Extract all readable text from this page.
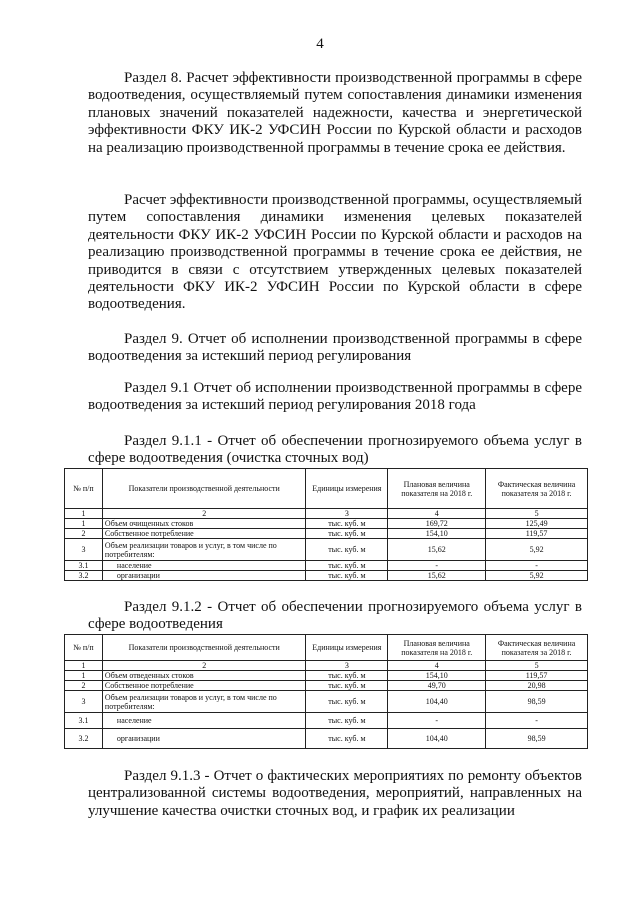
4

Раздел 8. Расчет эффективности производственной программы в сфере водоотведения, осуществляемый путем сопоставления динамики изменения плановых значений показателей надежности, качества и энергетической эффективности ФКУ ИК-2 УФСИН России по Курской области и расходов на реализацию производственной программы в течение срока ее действия.

Расчет эффективности производственной программы, осуществляемый путем сопоставления динамики изменения целевых показателей деятельности ФКУ ИК-2 УФСИН России по Курской области и расходов на реализацию производственной программы в течение срока ее действия, не приводится в связи с отсутствием утвержденных целевых показателей деятельности ФКУ ИК-2 УФСИН России по Курской области в сфере водоотведения.

Раздел 9. Отчет об исполнении производственной программы в сфере водоотведения за истекший период регулирования

Раздел 9.1 Отчет об исполнении производственной программы в сфере водоотведения за истекший период регулирования 2018 года

Раздел 9.1.1 - Отчет об обеспечении прогнозируемого объема услуг в сфере водоотведения (очистка сточных вод)

№ п/п	Показатели производственной деятельности	Единицы измерения	Плановая величина показателя на 2018 г.	Фактическая величина показателя за 2018 г.
1	2	3	4	5
1	Объем очищенных стоков	тыс. куб. м	169,72	125,49
2	Собственное потребление	тыс. куб. м	154,10	119,57
3	Объем реализации товаров и услуг, в том числе по потребителям:	тыс. куб. м	15,62	5,92
3.1	население	тыс. куб. м	-	-
3.2	организации	тыс. куб. м	15,62	5,92

Раздел 9.1.2 - Отчет об обеспечении прогнозируемого объема услуг в сфере водоотведения

№ п/п	Показатели производственной деятельности	Единицы измерения	Плановая величина показателя на 2018 г.	Фактическая величина показателя за 2018 г.
1	2	3	4	5
1	Объем отведенных стоков	тыс. куб. м	154,10	119,57
2	Собственное потребление	тыс. куб. м	49,70	20,98
3	Объем реализации товаров и услуг, в том числе по потребителям:	тыс. куб. м	104,40	98,59
3.1	население	тыс. куб. м	-	-
3.2	организации	тыс. куб. м	104,40	98,59

Раздел 9.1.3 - Отчет о фактических мероприятиях по ремонту объектов централизованной системы водоотведения, мероприятий, направленных на улучшение качества очистки сточных вод, и график их реализации
